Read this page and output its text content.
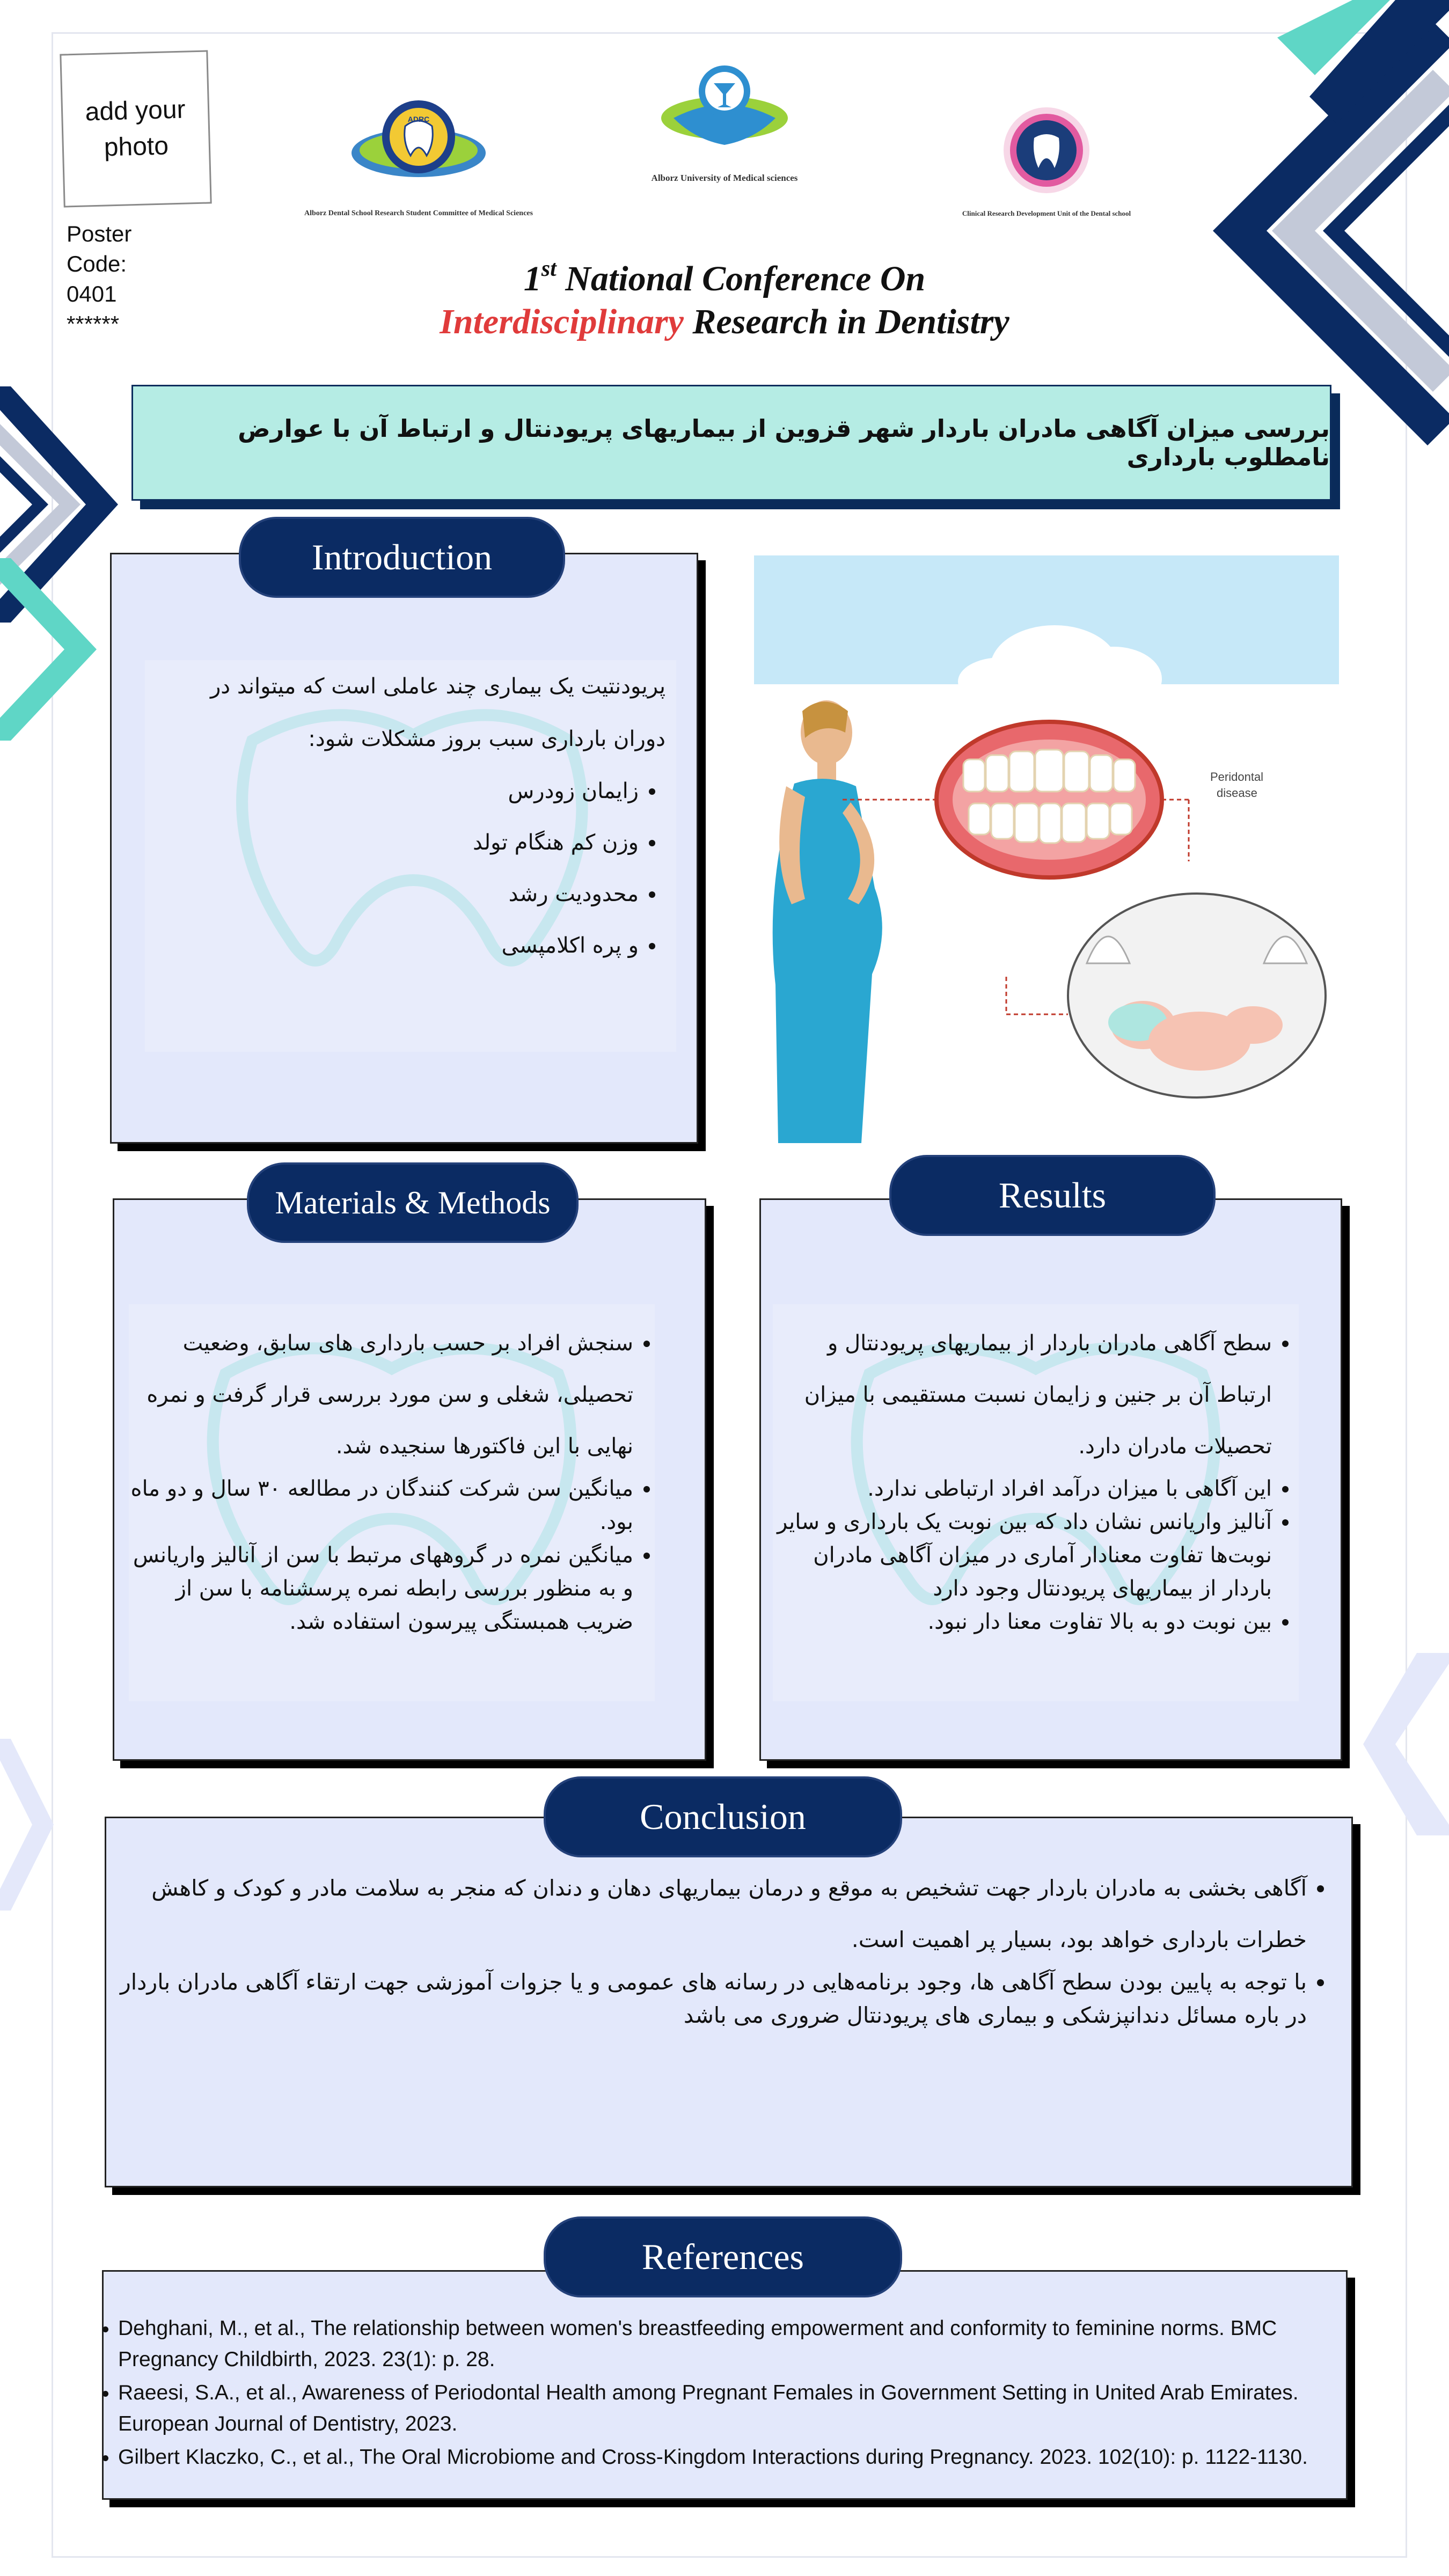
add your photo
Poster Code:
0401
******
ADRC
Alborz Dental School Research Student Committee of Medical Sciences
Alborz University of Medical sciences
Clinical Research Development Unit of the Dental school
1st National Conference On
Interdisciplinary Research in Dentistry
بررسی میزان آگاهی مادران باردار شهر قزوین از بیماریهای پریودنتال و ارتباط آن با عوارض نامطلوب بارداری
Introduction

پریودنتیت یک بیماری چند عاملی است که میتواند در دوران بارداری سبب بروز مشکلات شود:

• زایمان زودرس
• وزن کم هنگام تولد
• محدودیت رشد
• و پره اکلامپسی
Peridontal
disease
Materials & Methods
• سنجش افراد بر حسب بارداری های سابق، وضعیت تحصیلی، شغلی و سن مورد بررسی قرار گرفت و نمره نهایی با این فاکتورها سنجیده شد.
• میانگین سن شرکت کنندگان در مطالعه ۳۰ سال و دو ماه بود.
• میانگین نمره در گروههای مرتبط با سن از آنالیز واریانس و به منظور بررسی رابطه نمره پرسشنامه با سن از ضریب همبستگی پیرسون استفاده شد.
Results
• سطح آگاهی مادران باردار از بیماریهای پریودنتال و ارتباط آن بر جنین و زایمان نسبت مستقیمی با میزان تحصیلات مادران دارد.
• این آگاهی با میزان درآمد افراد ارتباطی ندارد.
• آنالیز واریانس نشان داد که بین نوبت یک بارداری و سایر نوبت‌ها تفاوت معنادار آماری در میزان آگاهی مادران باردار از بیماریهای پریودنتال وجود دارد
• بین نوبت دو به بالا تفاوت معنا دار نبود.
Conclusion
• آگاهی بخشی به مادران باردار جهت تشخیص به موقع و درمان بیماریهای دهان و دندان که منجر به سلامت مادر و کودک و کاهش خطرات بارداری خواهد بود، بسیار پر اهمیت است.
• با توجه به پایین بودن سطح آگاهی ها، وجود برنامه‌هایی در رسانه های عمومی و یا جزوات آموزشی جهت ارتقاء آگاهی مادران باردار در باره مسائل دندانپزشکی و بیماری های پریودنتال ضروری می باشد
References
• Dehghani, M., et al., The relationship between women's breastfeeding empowerment and conformity to feminine norms. BMC Pregnancy Childbirth, 2023. 23(1): p. 28.
• Raeesi, S.A., et al., Awareness of Periodontal Health among Pregnant Females in Government Setting in United Arab Emirates. European Journal of Dentistry, 2023.
• Gilbert Klaczko, C., et al., The Oral Microbiome and Cross-Kingdom Interactions during Pregnancy. 2023. 102(10): p. 1122-1130.
